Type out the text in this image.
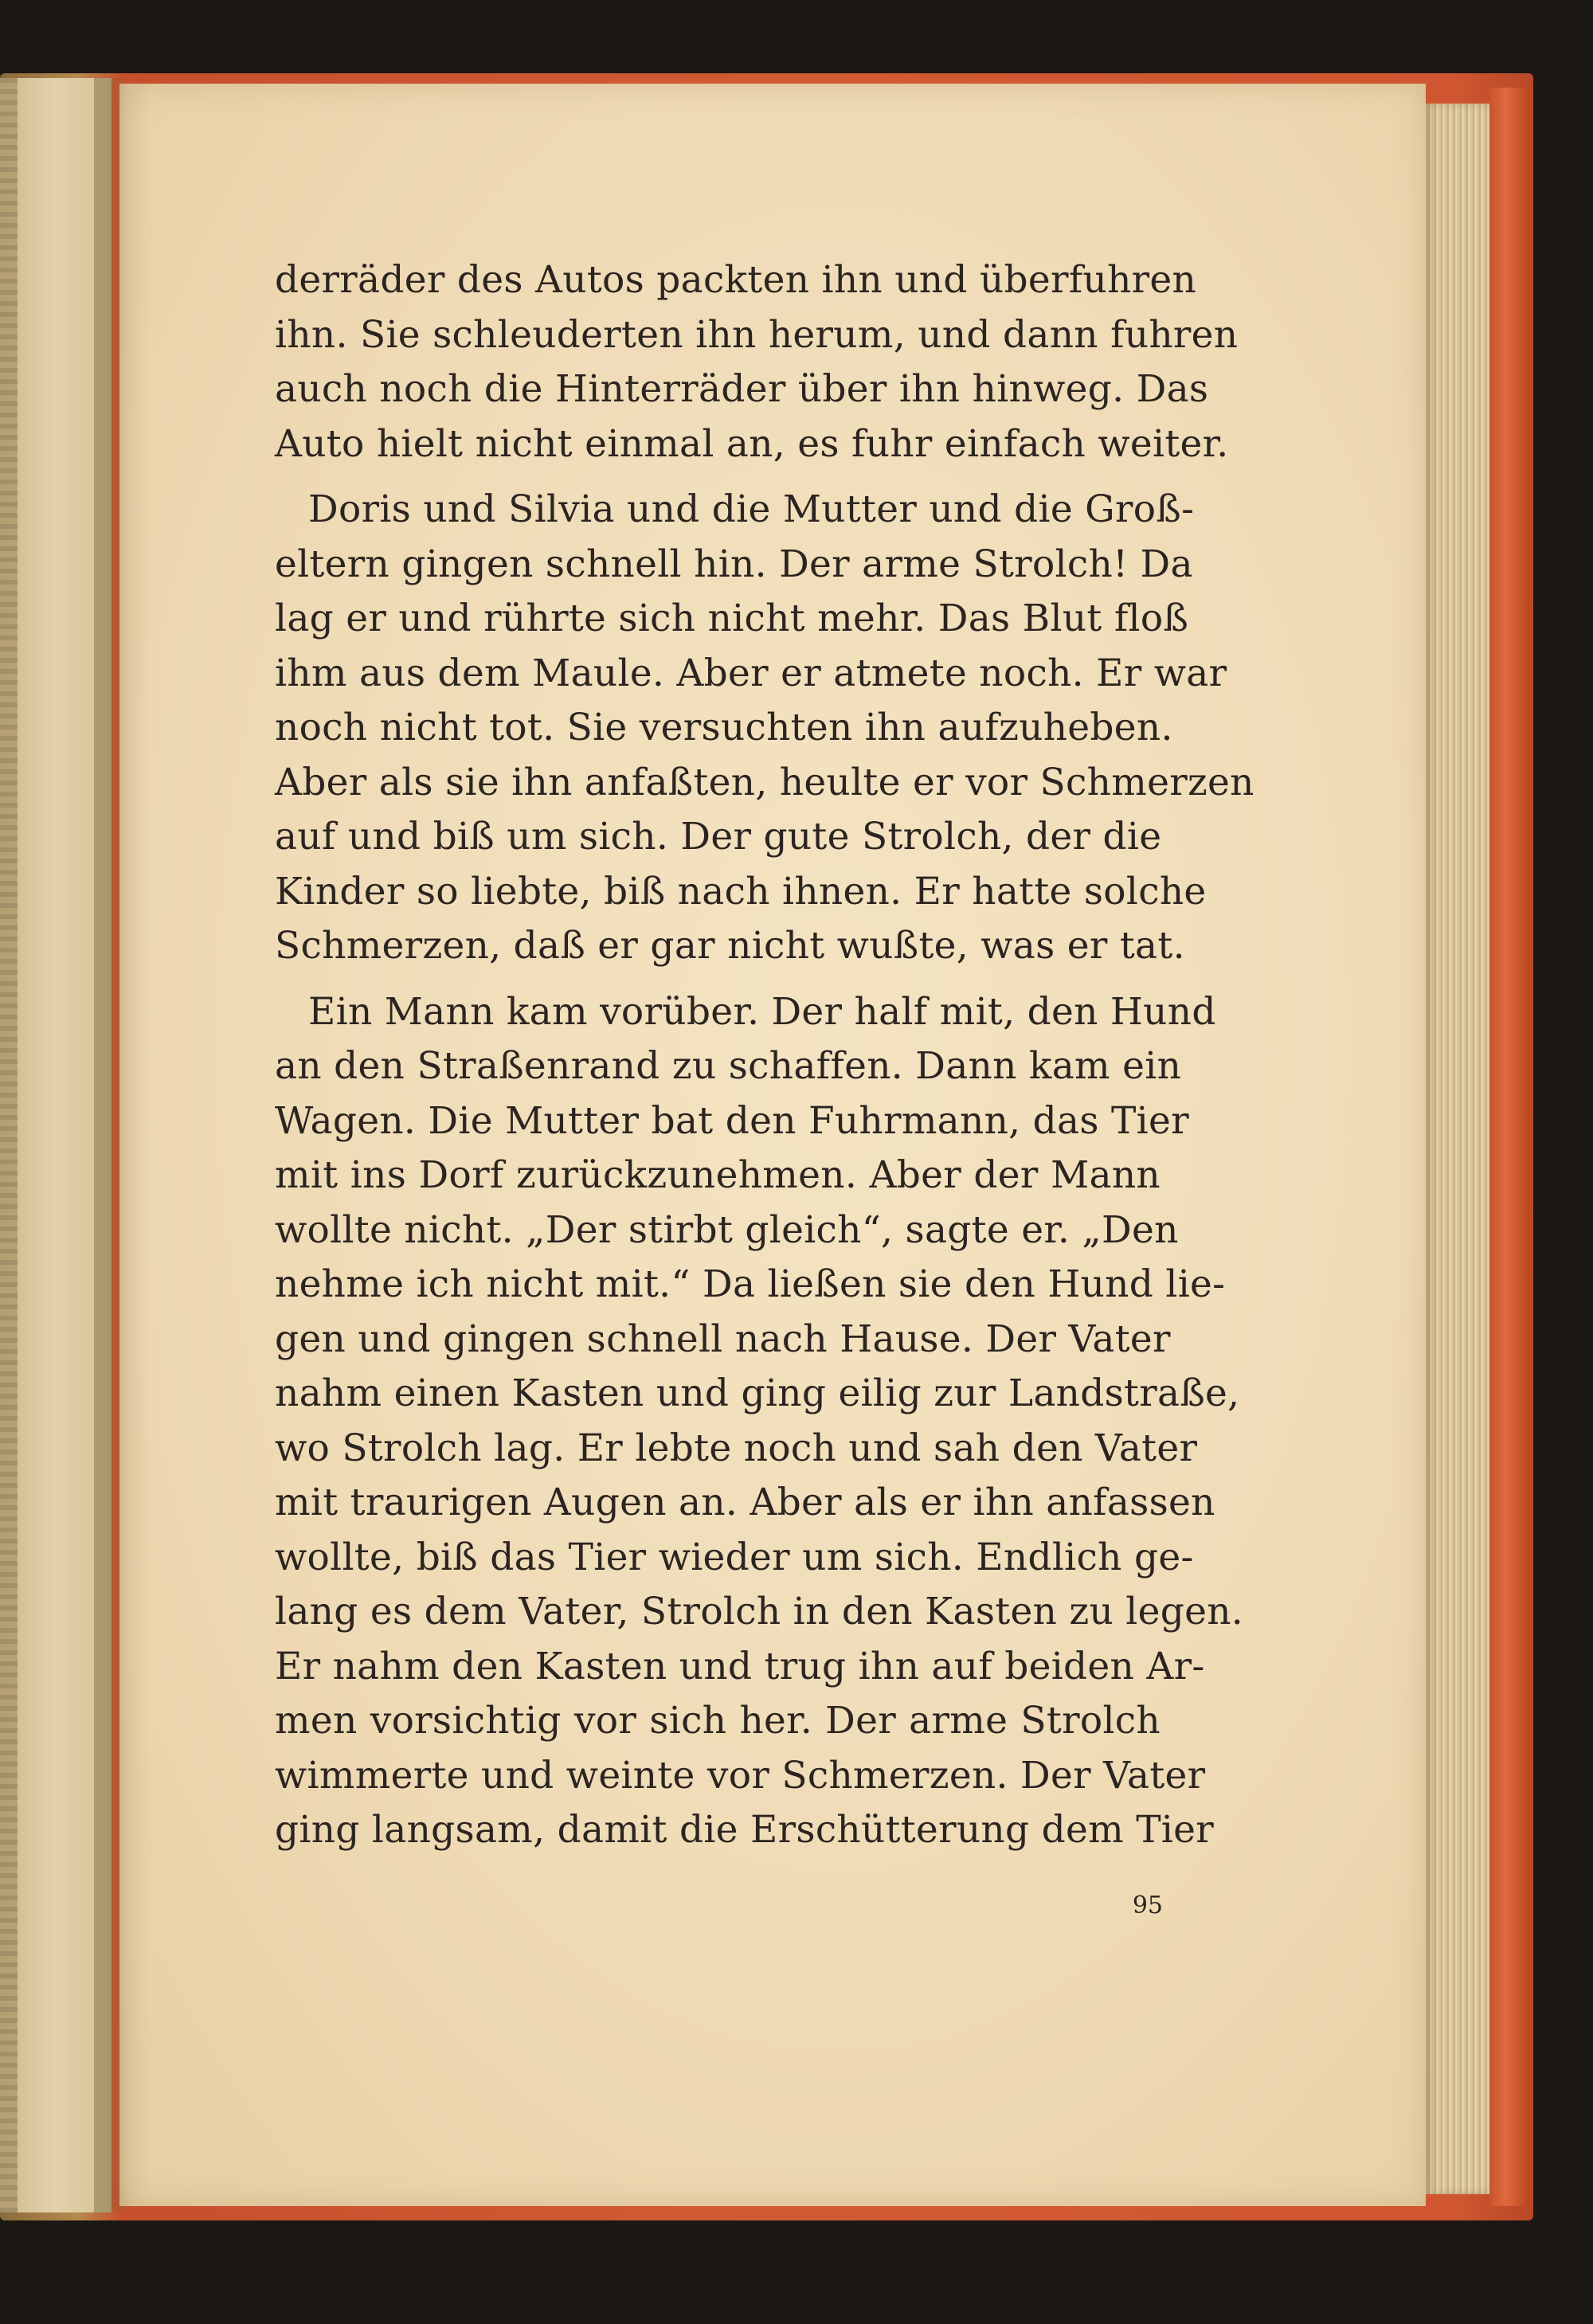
derräder des Autos packten ihn und überfuhren
ihn. Sie schleuderten ihn herum, und dann fuhren
auch noch die Hinterräder über ihn hinweg. Das
Auto hielt nicht einmal an, es fuhr einfach weiter.
Doris und Silvia und die Mutter und die Groß-
eltern gingen schnell hin. Der arme Strolch! Da
lag er und rührte sich nicht mehr. Das Blut floß
ihm aus dem Maule. Aber er atmete noch. Er war
noch nicht tot. Sie versuchten ihn aufzuheben.
Aber als sie ihn anfaßten, heulte er vor Schmerzen
auf und biß um sich. Der gute Strolch, der die
Kinder so liebte, biß nach ihnen. Er hatte solche
Schmerzen, daß er gar nicht wußte, was er tat.
Ein Mann kam vorüber. Der half mit, den Hund
an den Straßenrand zu schaffen. Dann kam ein
Wagen. Die Mutter bat den Fuhrmann, das Tier
mit ins Dorf zurückzunehmen. Aber der Mann
wollte nicht. „Der stirbt gleich“, sagte er. „Den
nehme ich nicht mit.“ Da ließen sie den Hund lie-
gen und gingen schnell nach Hause. Der Vater
nahm einen Kasten und ging eilig zur Landstraße,
wo Strolch lag. Er lebte noch und sah den Vater
mit traurigen Augen an. Aber als er ihn anfassen
wollte, biß das Tier wieder um sich. Endlich ge-
lang es dem Vater, Strolch in den Kasten zu legen.
Er nahm den Kasten und trug ihn auf beiden Ar-
men vorsichtig vor sich her. Der arme Strolch
wimmerte und weinte vor Schmerzen. Der Vater
ging langsam, damit die Erschütterung dem Tier
95
